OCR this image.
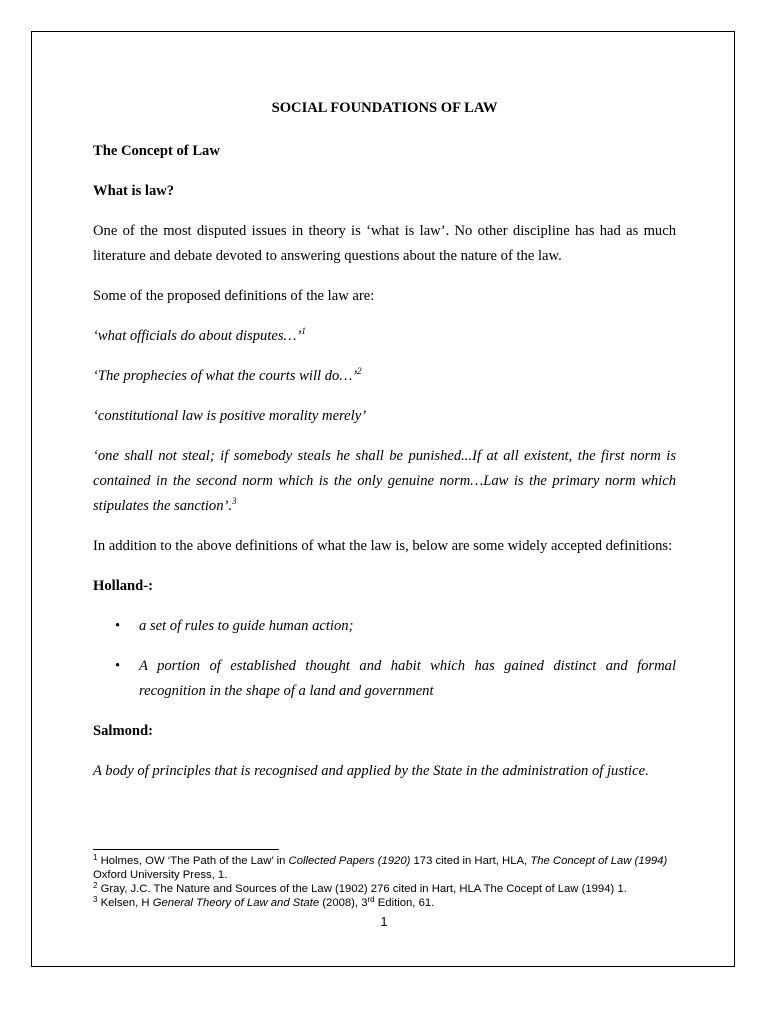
SOCIAL FOUNDATIONS OF LAW

The Concept of Law

What is law?

One of the most disputed issues in theory is ‘what is law’. No other discipline has had as much literature and debate devoted to answering questions about the nature of the law.

Some of the proposed definitions of the law are:

‘what officials do about disputes…’$^1$

‘The prophecies of what the courts will do…’$^2$

‘constitutional law is positive morality merely’

‘one shall not steal; if somebody steals he shall be punished...If at all existent, the first norm is contained in the second norm which is the only genuine norm…Law is the primary norm which stipulates the sanction’.$^3$

In addition to the above definitions of what the law is, below are some widely accepted definitions:

Holland-:

• a set of rules to guide human action;
• A portion of established thought and habit which has gained distinct and formal recognition in the shape of a land and government

Salmond:

A body of principles that is recognised and applied by the State in the administration of justice.

$^1$ Holmes, OW ‘The Path of the Law’ in Collected Papers (1920) 173 cited in Hart, HLA, The Concept of Law (1994) Oxford University Press, 1.

$^2$ Gray, J.C. The Nature and Sources of the Law (1902) 276 cited in Hart, HLA The Cocept of Law (1994) 1.

$^3$ Kelsen, H General Theory of Law and State (2008), 3rd Edition, 61.

1
